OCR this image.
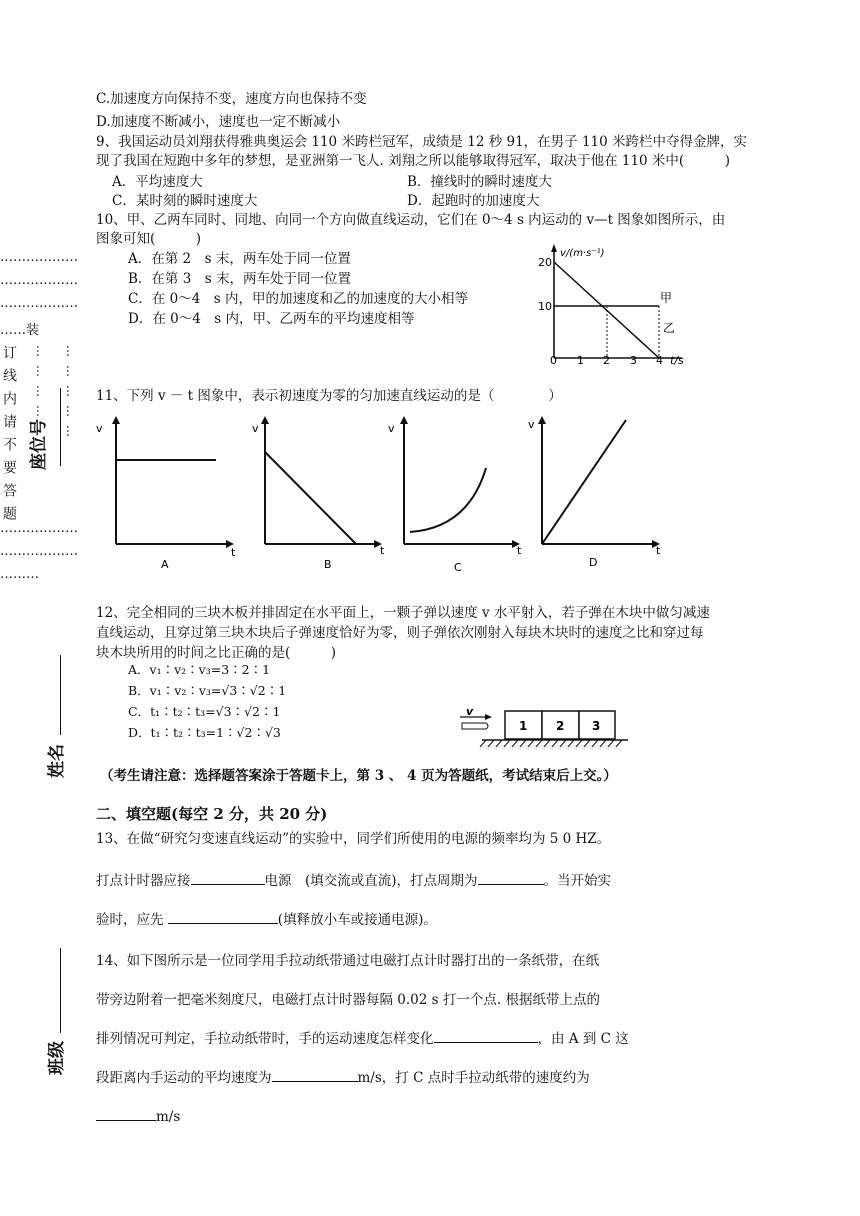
………………
………………
………………
……装
订线内请不要答题 ………… ……………
………………
………………
………
座位号
姓名
班级
C.加速度方向保持不变，速度方向也保持不变
D.加速度不断减小，速度也一定不断减小
9、我国运动员刘翔获得雅典奥运会 110 米跨栏冠军，成绩是 12 秒 91，在男子 110 米跨栏中夺得金牌，实
现了我国在短跑中多年的梦想，是亚洲第一飞人. 刘翔之所以能够取得冠军，取决于他在 110 米中(　　　)
A．平均速度大	B．撞线时的瞬时速度大
C．某时刻的瞬时速度大	D．起跑时的加速度大
10、甲、乙两车同时、同地、向同一个方向做直线运动，它们在 0～4 s 内运动的 v—t 图象如图所示，由
图象可知(　　　)
A．在第 2　s 末，两车处于同一位置
B．在第 3　s 末，两车处于同一位置
C．在 0～4　s 内，甲的加速度和乙的加速度的大小相等
D．在 0～4　s 内，甲、乙两车的平均速度相等
v/(m·s⁻¹)
20
10
0 1 2 3 4 t/s
甲
乙
11、下列 v － t 图象中，表示初速度为零的匀加速直线运动的是（　　　　）
v
t
A
v
t
B
v
t
C
v
t
D
12、完全相同的三块木板并排固定在水平面上，一颗子弹以速度 v 水平射入，若子弹在木块中做匀减速
直线运动，且穿过第三块木块后子弹速度恰好为零，则子弹依次刚射入每块木块时的速度之比和穿过每
块木块所用的时间之比正确的是(　　　)
A．v₁∶v₂∶v₃=3∶2∶1
B．v₁∶v₂∶v₃=√3∶√2∶1
C．t₁∶t₂∶t₃=√3∶√2∶1
D．t₁∶t₂∶t₃=1∶√2∶√3
v
1 2 3
（考生请注意：选择题答案涂于答题卡上，第 3 、 4 页为答题纸，考试结束后上交。）
二、填空题(每空 2 分，共 20 分)
13、在做“研究匀变速直线运动”的实验中，同学们所使用的电源的频率均为 5 0 HZ。
打点计时器应接	电源　(填交流或直流)，打点周期为	。当开始实
验时，应先	(填释放小车或接通电源)。
14、如下图所示是一位同学用手拉动纸带通过电磁打点计时器打出的一条纸带，在纸
带旁边附着一把毫米刻度尺，电磁打点计时器每隔 0.02 s 打一个点. 根据纸带上点的
排列情况可判定，手拉动纸带时，手的运动速度怎样变化	，由 A 到 C 这
段距离内手运动的平均速度为	m/s，打 C 点时手拉动纸带的速度约为
m/s
